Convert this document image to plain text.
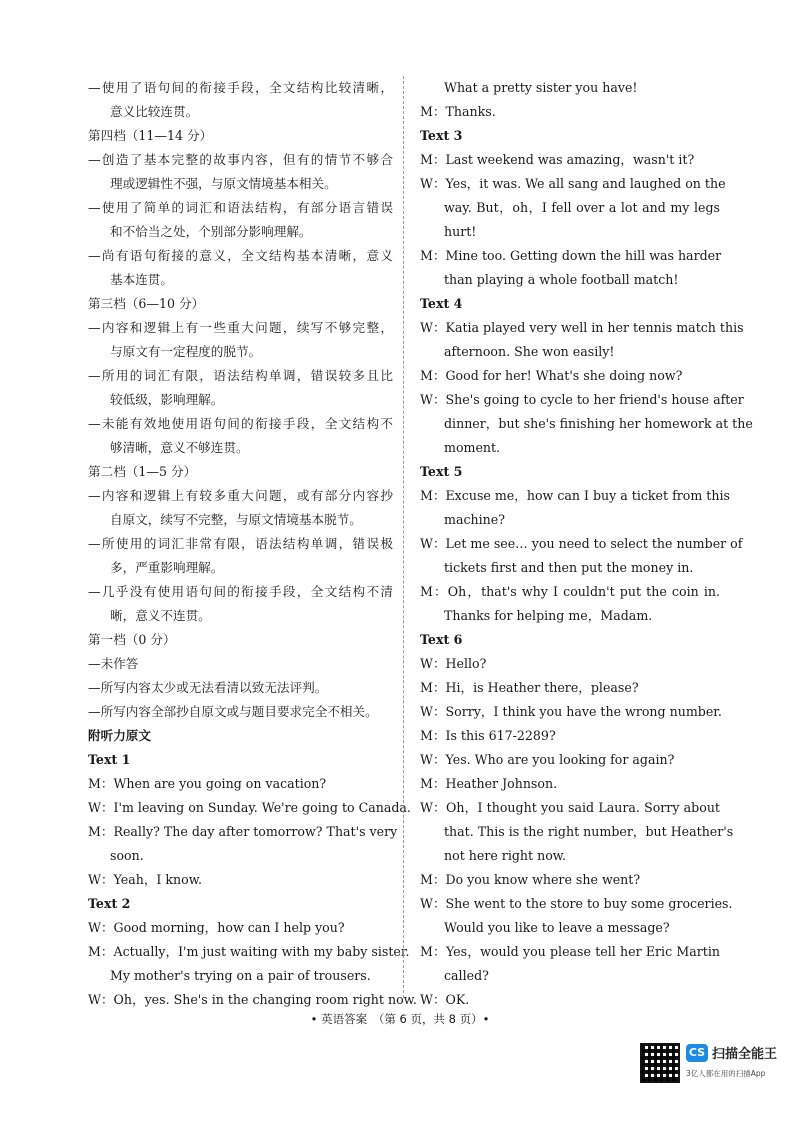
—使用了语句间的衔接手段，全文结构比较清晰，
意义比较连贯。
第四档（11—14 分）
—创造了基本完整的故事内容，但有的情节不够合
理或逻辑性不强，与原文情境基本相关。
—使用了简单的词汇和语法结构，有部分语言错误
和不恰当之处，个别部分影响理解。
—尚有语句衔接的意义，全文结构基本清晰，意义
基本连贯。
第三档（6—10 分）
—内容和逻辑上有一些重大问题，续写不够完整，
与原文有一定程度的脱节。
—所用的词汇有限，语法结构单调，错误较多且比
较低级，影响理解。
—未能有效地使用语句间的衔接手段，全文结构不
够清晰，意义不够连贯。
第二档（1—5 分）
—内容和逻辑上有较多重大问题，或有部分内容抄
自原文，续写不完整，与原文情境基本脱节。
—所使用的词汇非常有限，语法结构单调，错误极
多，严重影响理解。
—几乎没有使用语句间的衔接手段，全文结构不清
晰，意义不连贯。
第一档（0 分）
—未作答
—所写内容太少或无法看清以致无法评判。
—所写内容全部抄自原文或与题目要求完全不相关。
附听力原文
Text 1
M：When are you going on vacation?
W：I'm leaving on Sunday. We're going to Canada.
M：Really? The day after tomorrow? That's very
soon.
W：Yeah，I know.
Text 2
W：Good morning，how can I help you?
M：Actually，I'm just waiting with my baby sister.
My mother's trying on a pair of trousers.
W：Oh，yes. She's in the changing room right now.
What a pretty sister you have!
M：Thanks.
Text 3
M：Last weekend was amazing，wasn't it?
W：Yes，it was. We all sang and laughed on the
way. But，oh，I fell over a lot and my legs
hurt!
M：Mine too. Getting down the hill was harder
than playing a whole football match!
Text 4
W：Katia played very well in her tennis match this
afternoon. She won easily!
M：Good for her! What's she doing now?
W：She's going to cycle to her friend's house after
dinner，but she's finishing her homework at the
moment.
Text 5
M：Excuse me，how can I buy a ticket from this
machine?
W：Let me see… you need to select the number of
tickets first and then put the money in.
M：Oh，that's why I couldn't put the coin in.
Thanks for helping me，Madam.
Text 6
W：Hello?
M：Hi，is Heather there，please?
W：Sorry，I think you have the wrong number.
M：Is this 617-2289?
W：Yes. Who are you looking for again?
M：Heather Johnson.
W：Oh，I thought you said Laura. Sorry about
that. This is the right number，but Heather's
not here right now.
M：Do you know where she went?
W：She went to the store to buy some groceries.
Would you like to leave a message?
M：Yes，would you please tell her Eric Martin
called?
W：OK.
• 英语答案　（第 6 页，共 8 页）•
CS 扫描全能王
3亿人都在用的扫描App
